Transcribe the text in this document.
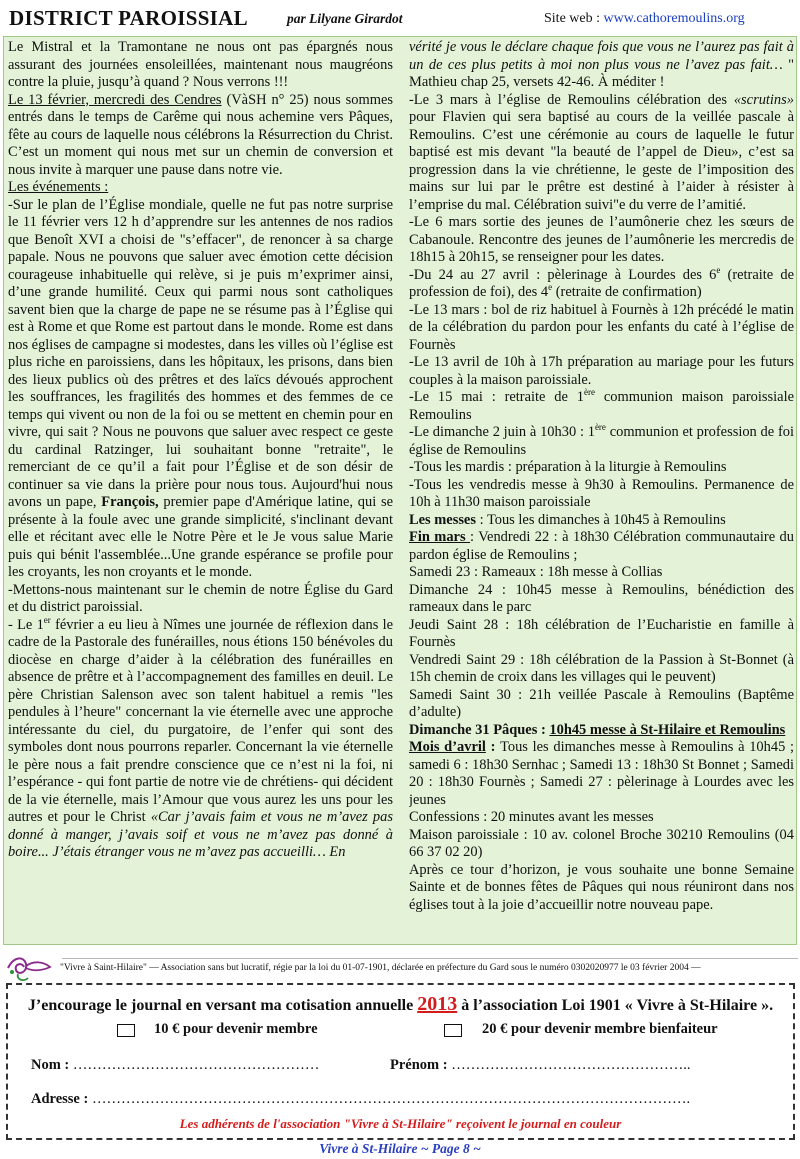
DISTRICT PAROISSIAL	par Lilyane Girardot	Site web : www.cathoremoulins.org

Le Mistral et la Tramontane ne nous ont pas épargnés nous assurant des journées ensoleillées, maintenant nous maugréons contre la pluie, jusqu’à quand ? Nous verrons !!!

Le 13 février, mercredi des Cendres (VàSH n° 25) nous sommes entrés dans le temps de Carême qui nous achemine vers Pâques, fête au cours de laquelle nous célébrons la Résurrection du Christ. C’est un moment qui nous met sur un chemin de conversion et nous invite à marquer une pause dans notre vie.

Les événements :

-Sur le plan de l’Église mondiale, quelle ne fut pas notre surprise le 11 février vers 12 h d’apprendre sur les antennes de nos radios que Benoît XVI a choisi de "s’effacer", de renoncer à sa charge papale. Nous ne pouvons que saluer avec émotion cette décision courageuse inhabituelle qui relève, si je puis m’exprimer ainsi, d’une grande humilité. Ceux qui parmi nous sont catholiques savent bien que la charge de pape ne se résume pas à l’Église qui est à Rome et que Rome est partout dans le monde. Rome est dans nos églises de campagne si modestes, dans les villes où l’église est plus riche en paroissiens, dans les hôpitaux, les prisons, dans bien des lieux publics où des prêtres et des laïcs dévoués approchent les souffrances, les fragilités des hommes et des femmes de ce temps qui vivent ou non de la foi ou se mettent en chemin pour en vivre, qui sait ? Nous ne pouvons que saluer avec respect ce geste du cardinal Ratzinger, lui souhaitant bonne "retraite", le remerciant de ce qu’il a fait pour l’Église et de son désir de continuer sa vie dans la prière pour nous tous. Aujourd'hui nous avons un pape, François, premier pape d'Amérique latine, qui se présente à la foule avec une grande simplicité, s'inclinant devant elle et récitant avec elle le Notre Père et le Je vous salue Marie puis qui bénit l'assemblée...Une grande espérance se profile pour les croyants, les non croyants et le monde.

-Mettons-nous maintenant sur le chemin de notre Église du Gard et du district paroissial.

- Le 1er février a eu lieu à Nîmes une journée de réflexion dans le cadre de la Pastorale des funérailles, nous étions 150 bénévoles du diocèse en charge d’aider à la célébration des funérailles en absence de prêtre et à l’accompagnement des familles en deuil. Le père Christian Salenson avec son talent habituel a remis "les pendules à l’heure" concernant la vie éternelle avec une approche intéressante du ciel, du purgatoire, de l’enfer qui sont des symboles dont nous pourrons reparler. Concernant la vie éternelle le père nous a fait prendre conscience que ce n’est ni la foi, ni l’espérance - qui font partie de notre vie de chrétiens- qui décident de la vie éternelle, mais l’Amour que vous aurez les uns pour les autres et pour le Christ «Car j’avais faim et vous ne m’avez pas donné à manger, j’avais soif et vous ne m’avez pas donné à boire... J’étais étranger vous ne m’avez pas accueilli… En

vérité je vous le déclare chaque fois que vous ne l’aurez pas fait à un de ces plus petits à moi non plus vous ne l’avez pas fait… " Mathieu chap 25, versets 42-46. À méditer !

-Le 3 mars à l’église de Remoulins célébration des «scrutins» pour Flavien qui sera baptisé au cours de la veillée pascale à Remoulins. C’est une cérémonie au cours de laquelle le futur baptisé est mis devant "la beauté de l’appel de Dieu», c’est sa progression dans la vie chrétienne, le geste de l’imposition des mains sur lui par le prêtre est destiné à l’aider à résister à l’emprise du mal. Célébration suivi"e du verre de l’amitié.

-Le 6 mars sortie des jeunes de l’aumônerie chez les sœurs de Cabanoule. Rencontre des jeunes de l’aumônerie les mercredis de 18h15 à 20h15, se renseigner pour les dates.

-Du 24 au 27 avril : pèlerinage à Lourdes des 6e (retraite de profession de foi), des 4e (retraite de confirmation)

-Le 13 mars : bol de riz habituel à Fournès à 12h précédé le matin de la célébration du pardon pour les enfants du caté à l’église de Fournès

-Le 13 avril de 10h à 17h préparation au mariage pour les futurs couples à la maison paroissiale.

-Le 15 mai : retraite de 1ère communion maison paroissiale Remoulins

-Le dimanche 2 juin à 10h30 : 1ère communion et profession de foi église de Remoulins

-Tous les mardis : préparation à la liturgie à Remoulins

-Tous les vendredis messe à 9h30 à Remoulins. Permanence de 10h à 11h30 maison paroissiale

Les messes : Tous les dimanches à 10h45 à Remoulins

Fin mars : Vendredi 22 : à 18h30 Célébration communautaire du pardon église de Remoulins ;

Samedi 23 : Rameaux : 18h messe à Collias

Dimanche 24 : 10h45 messe à Remoulins, bénédiction des rameaux dans le parc

Jeudi Saint 28 : 18h célébration de l’Eucharistie en famille à Fournès

Vendredi Saint 29 : 18h célébration de la Passion à St-Bonnet (à 15h chemin de croix dans les villages qui le peuvent)

Samedi Saint 30 : 21h veillée Pascale à Remoulins (Baptême d’adulte)

Dimanche 31 Pâques : 10h45 messe à St-Hilaire et Remoulins

Mois d’avril : Tous les dimanches messe à Remoulins à 10h45 ; samedi 6 : 18h30 Sernhac ; Samedi 13 : 18h30 St Bonnet ; Samedi 20 : 18h30 Fournès ; Samedi 27 : pèlerinage à Lourdes avec les jeunes

Confessions : 20 minutes avant les messes

Maison paroissiale : 10 av. colonel Broche 30210 Remoulins (04 66 37 02 20)

Après ce tour d’horizon, je vous souhaite une bonne Semaine Sainte et de bonnes fêtes de Pâques qui nous réuniront dans nos églises tout à la joie d’accueillir notre nouveau pape.

"Vivre à Saint-Hilaire" — Association sans but lucratif, régie par la loi du 01-07-1901, déclarée en préfecture du Gard sous le numéro 0302020977 le 03 février 2004 —
J’encourage le journal en versant ma cotisation annuelle 2013 à l’association Loi 1901 « Vivre à St-Hilaire ».
10 € pour devenir membre	20 € pour devenir membre bienfaiteur
Nom : ……………………………………………	Prénom : …………………………………………..
Adresse : …………………………………………………………………………………………………………….
Les adhérents de l'association "Vivre à St-Hilaire" reçoivent le journal en couleur
Vivre à St-Hilaire ~ Page 8 ~
